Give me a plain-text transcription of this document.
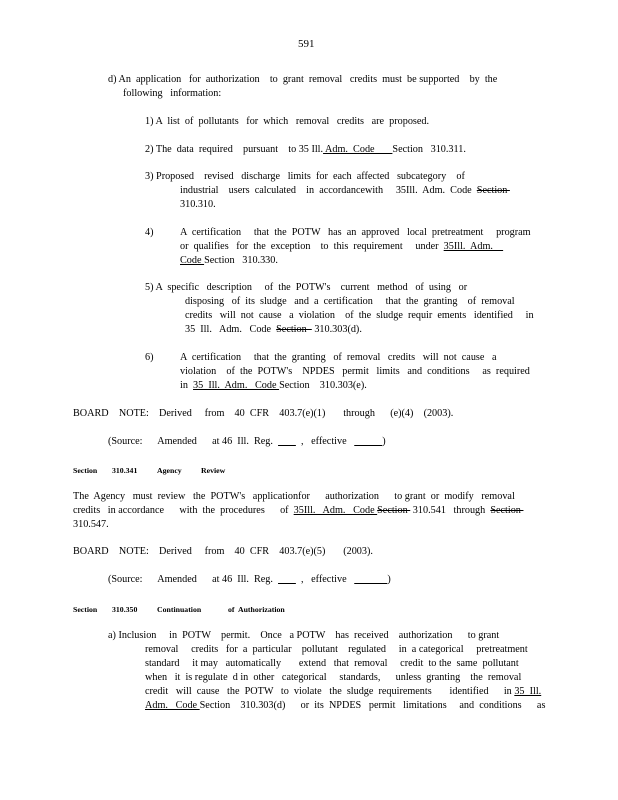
591
d) An  application   for  authorization    to  grant  removal   credits  must  be supported    by  the
following   information:
1) A  list  of  pollutants   for  which   removal   credits   are  proposed.
2) The  data  required    pursuant    to 35 Ill. Adm.  Code       Section   310.311.
3) Proposed    revised   discharge   limits  for  each  affected   subcategory    of
industrial    users  calculated    in  accordancewith     35Ill.  Adm.  Code  Section
310.310.
4)	A  certification     that  the  POTW   has  an  approved   local  pretreatment     program
or  qualifies   for  the  exception    to  this  requirement     under  35Ill.  Adm.
Code Section   310.330.
5) A  specific   description     of  the  POTW's    current   method   of  using   or
disposing   of  its  sludge   and  a  certification     that  the  granting    of  removal
credits   will  not  cause   a  violation    of  the  sludge  requir  ements   identified     in
35  Ill.   Adm.   Code  Section   310.303(d).
6)	A  certification     that  the  granting   of  removal   credits   will  not  cause   a
violation    of  the  POTW's    NPDES   permit   limits   and  conditions     as  required
in  35  Ill.  Adm.   Code Section    310.303(e).
BOARD    NOTE:    Derived     from    40  CFR    403.7(e)(1)       through      (e)(4)    (2003).
(Source:      Amended      at 46  Ill.  Reg.           ,   effective	)
Section 310.341	Agency Review
The  Agency   must  review   the  POTW's   applicationfor      authorization      to grant  or  modify   removal
credits   in accordance      with  the  procedures      of  35Ill.   Adm.   Code Section  310.541   through  Section
310.547.
BOARD    NOTE:    Derived     from    40  CFR    403.7(e)(5)       (2003).
(Source:      Amended      at 46  Ill.  Reg.           ,   effective	)
Section 310.350	Continuation	of  Authorization
a) Inclusion     in  POTW    permit.    Once   a POTW    has  received    authorization      to grant
removal     credits   for  a  particular    pollutant    regulated     in  a categorical     pretreatment
standard     it may   automatically       extend   that  removal     credit  to the  same  pollutant
when   it  is regulate  d in  other   categorical     standards,      unless  granting    the  removal
credit   will  cause   the  POTW   to  violate   the  sludge  requirements       identified      in 35  Ill.
Adm.   Code Section    310.303(d)      or  its  NPDES   permit   limitations     and  conditions      as
